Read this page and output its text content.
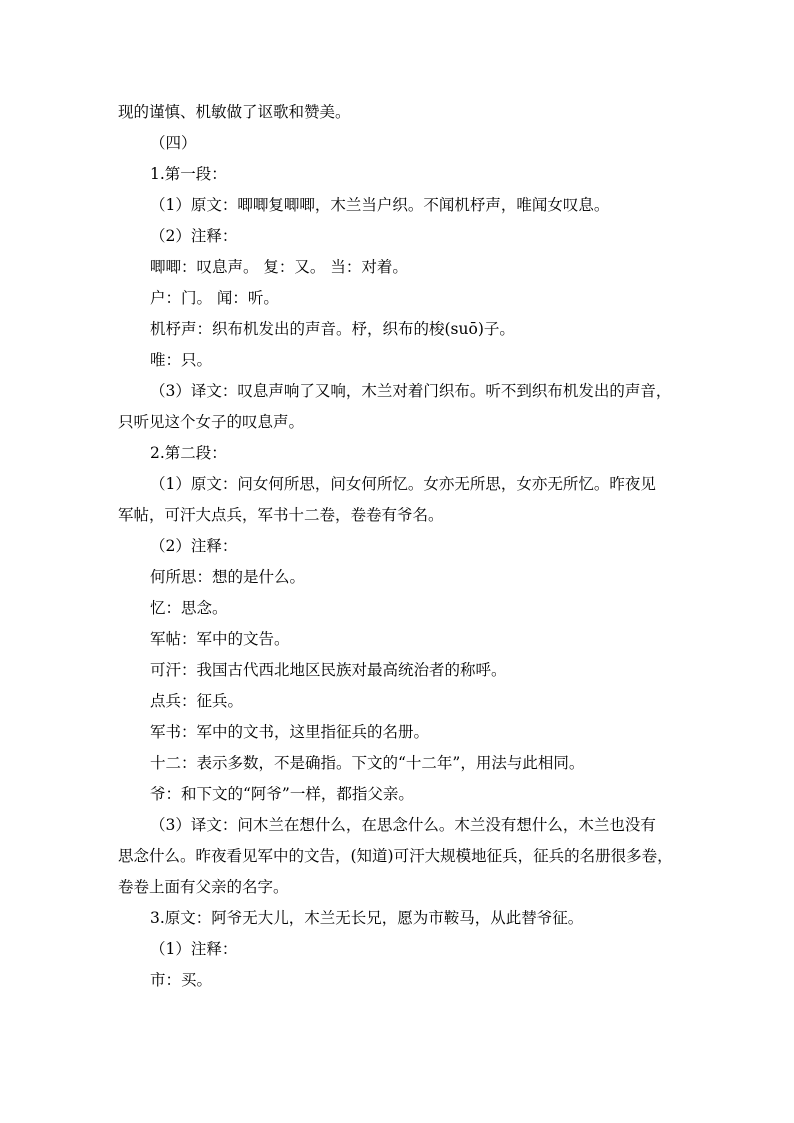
现的谨慎、机敏做了讴歌和赞美。
（四）
1.第一段：
（1）原文：唧唧复唧唧，木兰当户织。不闻机杼声，唯闻女叹息。
（2）注释：
唧唧：叹息声。 复：又。 当：对着。
户：门。 闻：听。
机杼声：织布机发出的声音。杼，织布的梭(suō)子。
唯：只。
（3）译文：叹息声响了又响，木兰对着门织布。听不到织布机发出的声音，
只听见这个女子的叹息声。
2.第二段：
（1）原文：问女何所思，问女何所忆。女亦无所思，女亦无所忆。昨夜见
军帖，可汗大点兵，军书十二卷，卷卷有爷名。
（2）注释：
何所思：想的是什么。
忆：思念。
军帖：军中的文告。
可汗：我国古代西北地区民族对最高统治者的称呼。
点兵：征兵。
军书：军中的文书，这里指征兵的名册。
十二：表示多数，不是确指。下文的“十二年”，用法与此相同。
爷：和下文的“阿爷”一样，都指父亲。
（3）译文：问木兰在想什么，在思念什么。木兰没有想什么，木兰也没有
思念什么。昨夜看见军中的文告，(知道)可汗大规模地征兵，征兵的名册很多卷，
卷卷上面有父亲的名字。
3.原文：阿爷无大儿，木兰无长兄，愿为市鞍马，从此替爷征。
（1）注释：
市：买。
